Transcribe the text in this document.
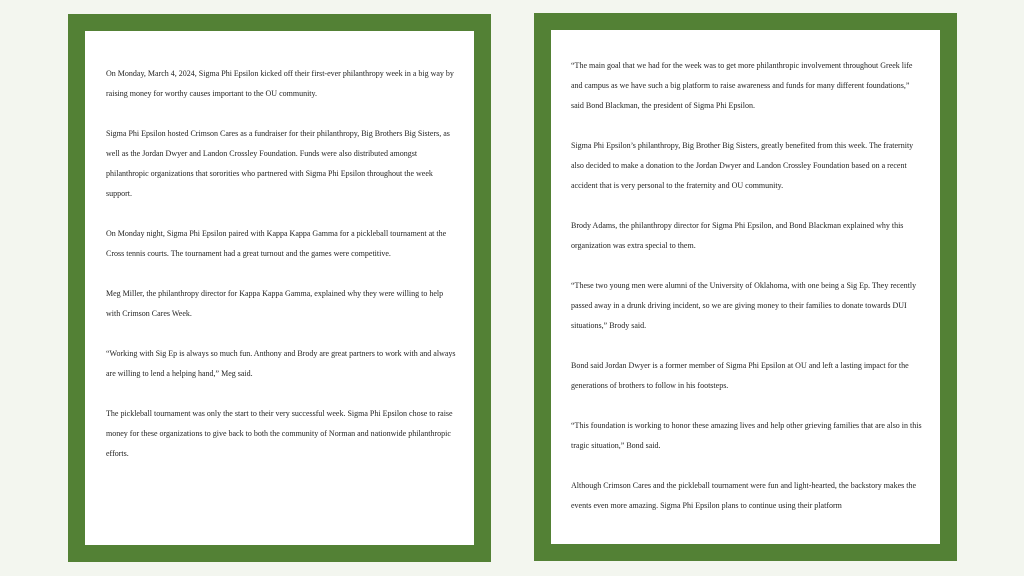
On Monday, March 4, 2024, Sigma Phi Epsilon kicked off their first-ever philanthropy week in a big way by raising money for worthy causes important to the OU community.

Sigma Phi Epsilon hosted Crimson Cares as a fundraiser for their philanthropy, Big Brothers Big Sisters, as well as the Jordan Dwyer and Landon Crossley Foundation. Funds were also distributed amongst philanthropic organizations that sororities who partnered with Sigma Phi Epsilon throughout the week support.

On Monday night, Sigma Phi Epsilon paired with Kappa Kappa Gamma for a pickleball tournament at the Cross tennis courts. The tournament had a great turnout and the games were competitive.

Meg Miller, the philanthropy director for Kappa Kappa Gamma, explained why they were willing to help with Crimson Cares Week.

“Working with Sig Ep is always so much fun. Anthony and Brody are great partners to work with and always are willing to lend a helping hand,” Meg said.

The pickleball tournament was only the start to their very successful week. Sigma Phi Epsilon chose to raise money for these organizations to give back to both the community of Norman and nationwide philanthropic efforts.

“The main goal that we had for the week was to get more philanthropic involvement throughout Greek life and campus as we have such a big platform to raise awareness and funds for many different foundations,” said Bond Blackman, the president of Sigma Phi Epsilon.

Sigma Phi Epsilon’s philanthropy, Big Brother Big Sisters, greatly benefited from this week. The fraternity also decided to make a donation to the Jordan Dwyer and Landon Crossley Foundation based on a recent accident that is very personal to the fraternity and OU community.

Brody Adams, the philanthropy director for Sigma Phi Epsilon, and Bond Blackman explained why this organization was extra special to them.

“These two young men were alumni of the University of Oklahoma, with one being a Sig Ep. They recently passed away in a drunk driving incident, so we are giving money to their families to donate towards DUI situations,” Brody said.

Bond said Jordan Dwyer is a former member of Sigma Phi Epsilon at OU and left a lasting impact for the generations of brothers to follow in his footsteps.

“This foundation is working to honor these amazing lives and help other grieving families that are also in this tragic situation,” Bond said.

Although Crimson Cares and the pickleball tournament were fun and light-hearted, the backstory makes the events even more amazing. Sigma Phi Epsilon plans to continue using their platform
